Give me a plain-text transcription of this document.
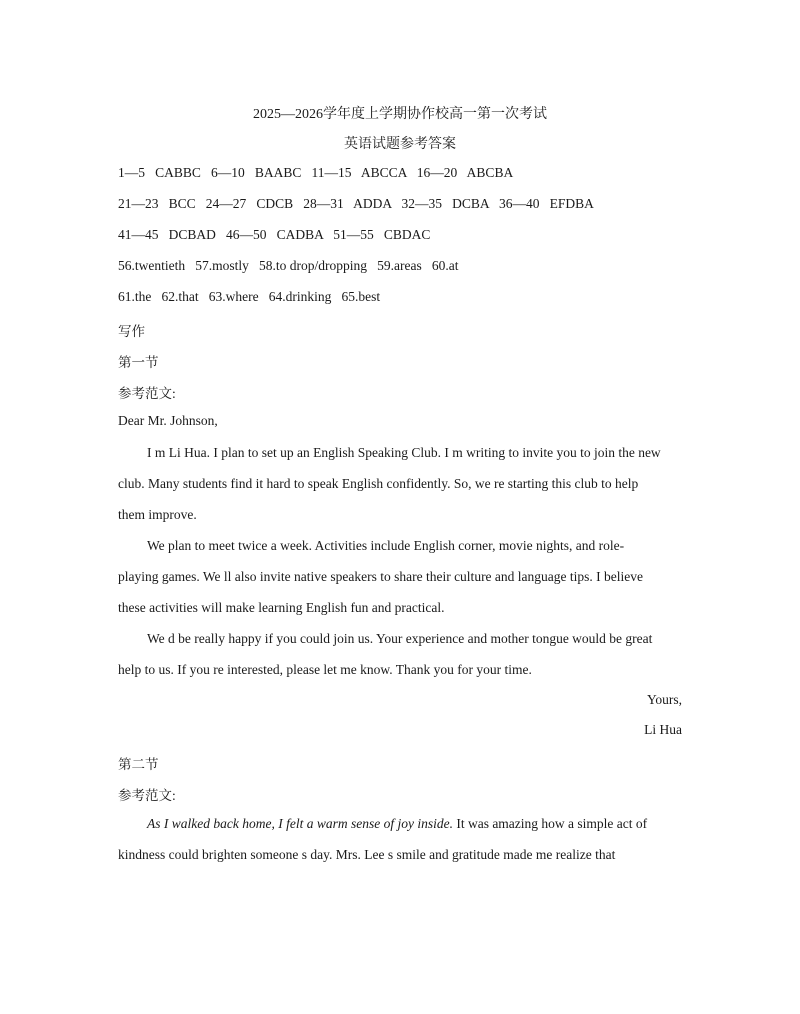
2025—2026学年度上学期协作校高一第一次考试
英语试题参考答案
1—5   CABBC   6—10   BAABC   11—15   ABCCA   16—20   ABCBA
21—23   BCC   24—27   CDCB   28—31   ADDA   32—35   DCBA   36—40   EFDBA
41—45   DCBAD   46—50   CADBA   51—55   CBDAC
56.twentieth   57.mostly   58.to drop/dropping   59.areas   60.at
61.the   62.that   63.where   64.drinking   65.best
写作
第一节
参考范文:
Dear Mr. Johnson,
I m Li Hua. I plan to set up an English Speaking Club. I m writing to invite you to join the new club. Many students find it hard to speak English confidently. So, we re starting this club to help them improve.
We plan to meet twice a week. Activities include English corner, movie nights, and role-playing games. We ll also invite native speakers to share their culture and language tips. I believe these activities will make learning English fun and practical.
We d be really happy if you could join us. Your experience and mother tongue would be great help to us. If you re interested, please let me know. Thank you for your time.
Yours,
Li Hua
第二节
参考范文:
As I walked back home, I felt a warm sense of joy inside. It was amazing how a simple act of kindness could brighten someone s day. Mrs. Lee s smile and gratitude made me realize that
